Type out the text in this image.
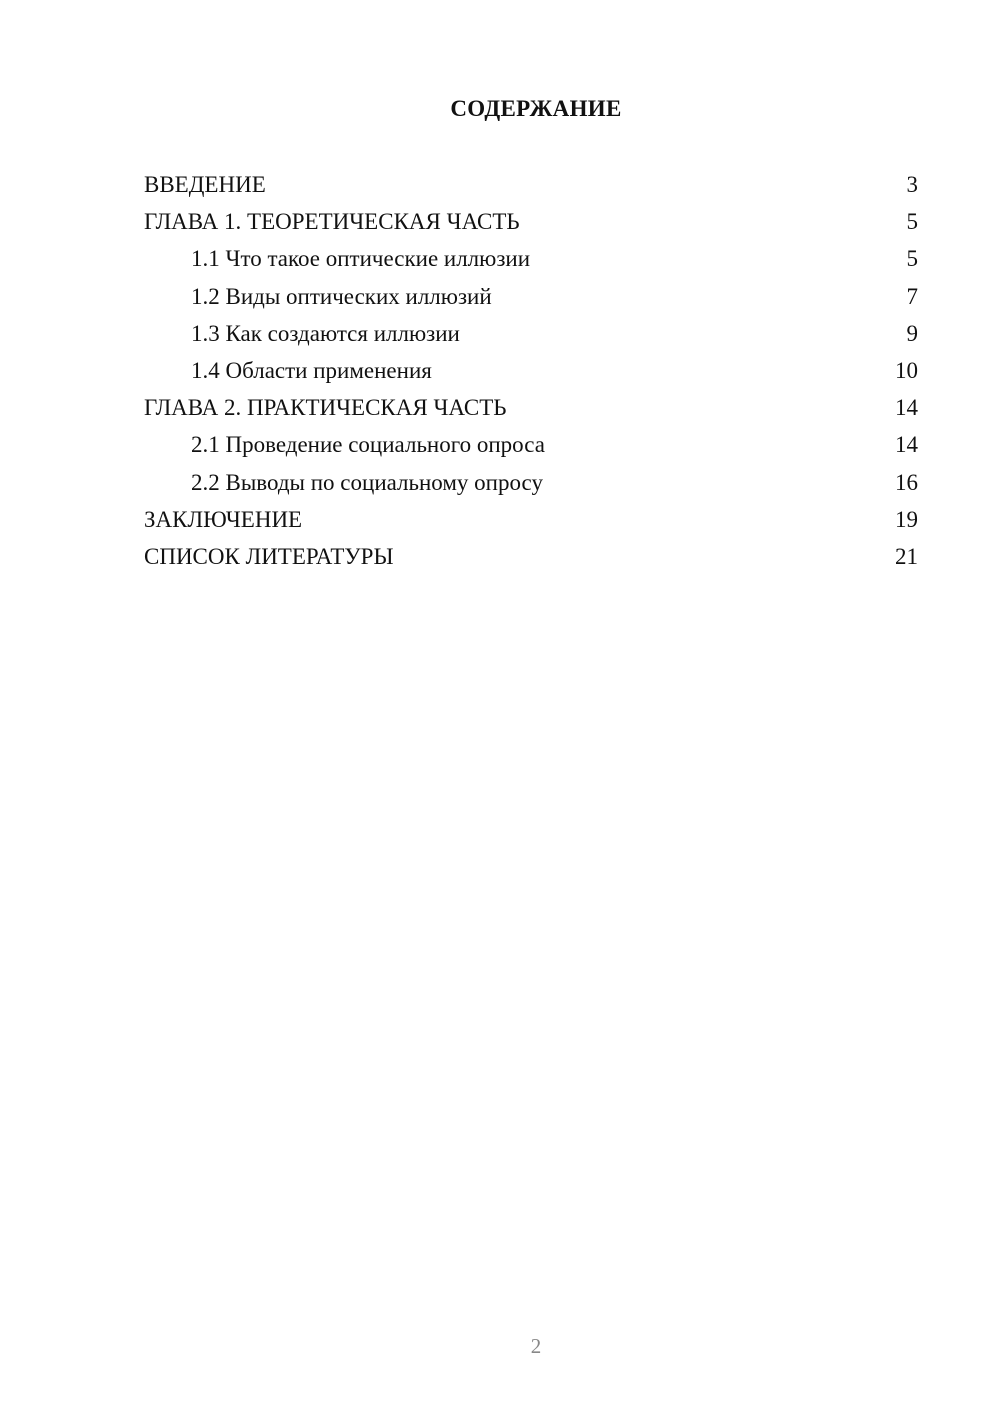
СОДЕРЖАНИЕ
ВВЕДЕНИЕ	3
ГЛАВА 1. ТЕОРЕТИЧЕСКАЯ ЧАСТЬ	5
1.1 Что такое оптические иллюзии	5
1.2 Виды оптических иллюзий	7
1.3 Как создаются иллюзии	9
1.4 Области применения	10
ГЛАВА 2. ПРАКТИЧЕСКАЯ ЧАСТЬ	14
2.1 Проведение социального опроса	14
2.2 Выводы по социальному опросу	16
ЗАКЛЮЧЕНИЕ	19
СПИСОК ЛИТЕРАТУРЫ	21
2
